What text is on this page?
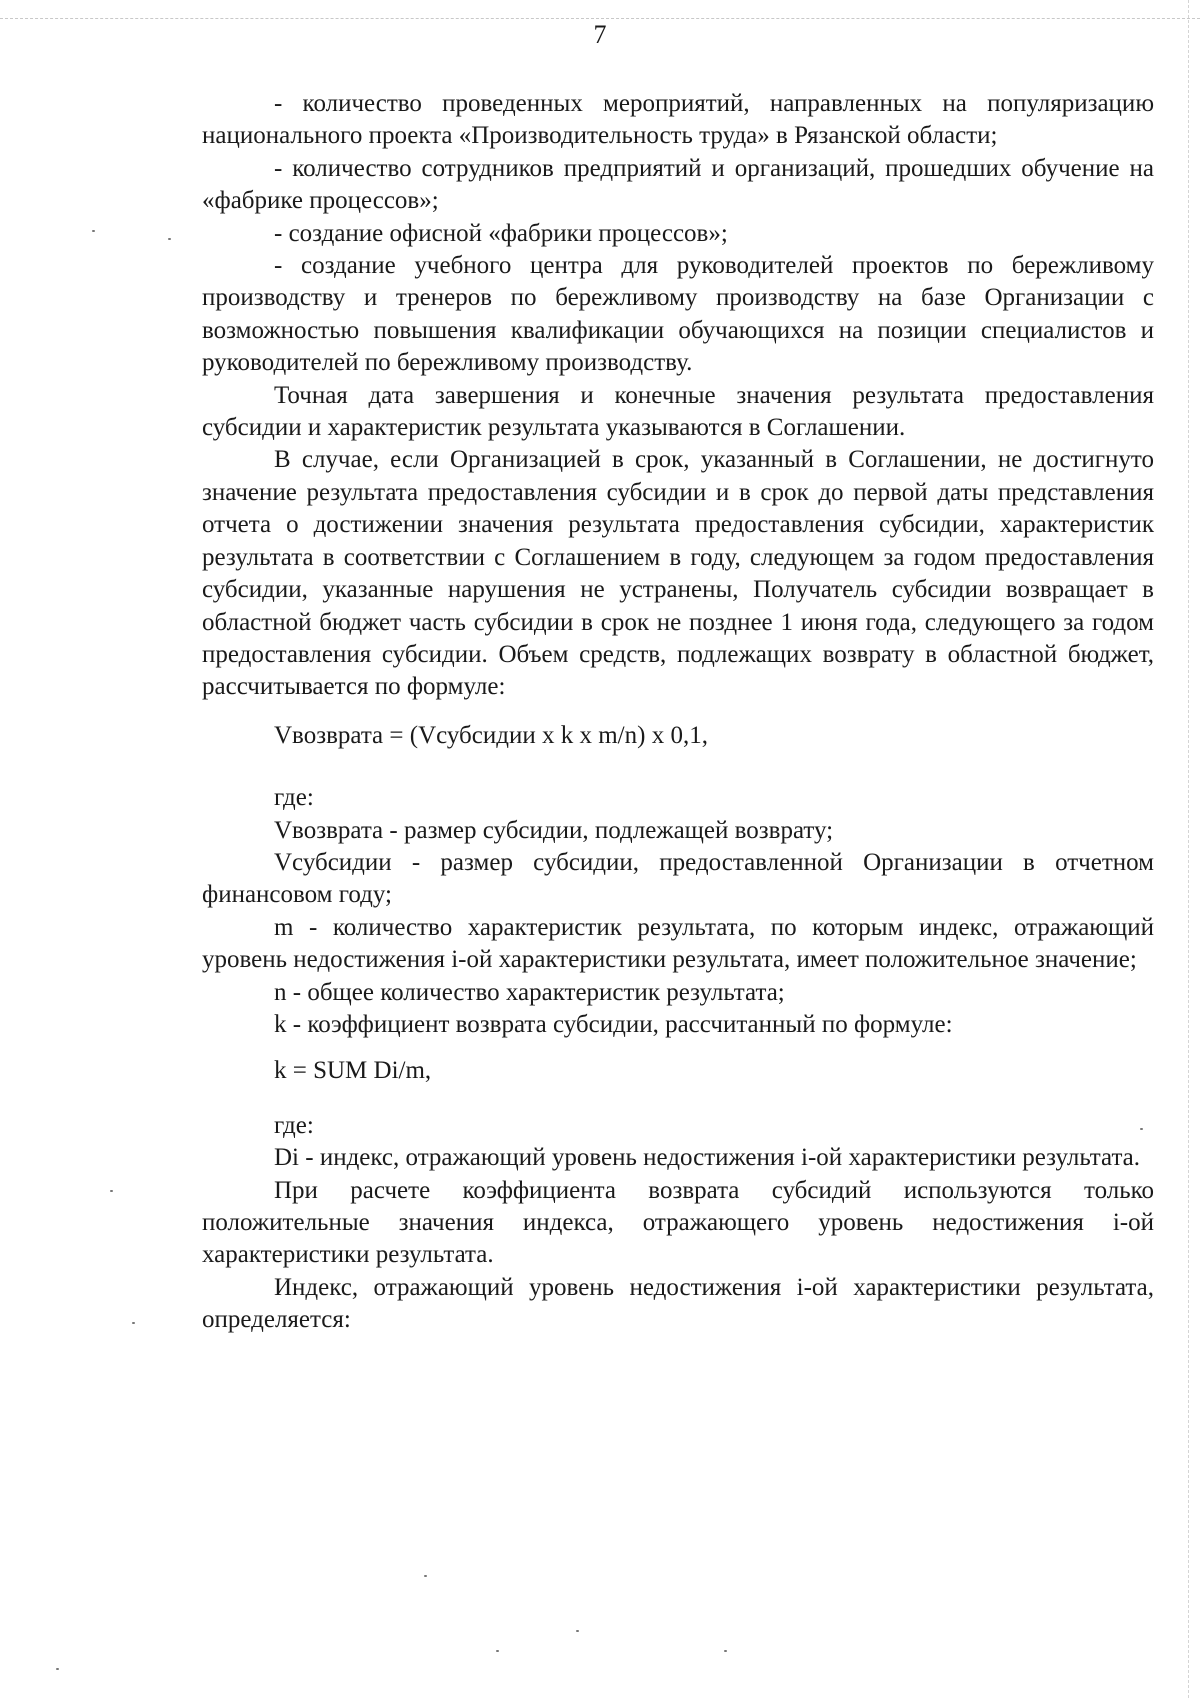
7

- количество проведенных мероприятий, направленных на популяризацию национального проекта «Производительность труда» в Рязанской области;

- количество сотрудников предприятий и организаций, прошедших обучение на «фабрике процессов»;

- создание офисной «фабрики процессов»;

- создание учебного центра для руководителей проектов по бережливому производству и тренеров по бережливому производству на базе Организации с возможностью повышения квалификации обучающихся на позиции специалистов и руководителей по бережливому производству.

Точная дата завершения и конечные значения результата предоставления субсидии и характеристик результата указываются в Соглашении.

В случае, если Организацией в срок, указанный в Соглашении, не достигнуто значение результата предоставления субсидии и в срок до первой даты представления отчета о достижении значения результата предоставления субсидии, характеристик результата в соответствии с Соглашением в году, следующем за годом предоставления субсидии, указанные нарушения не устранены, Получатель субсидии возвращает в областной бюджет часть субсидии в срок не позднее 1 июня года, следующего за годом предоставления субсидии. Объем средств, подлежащих возврату в областной бюджет, рассчитывается по формуле:

Vвозврата = (Vсубсидии x k x m/n) x 0,1,

где:

Vвозврата - размер субсидии, подлежащей возврату;

Vсубсидии - размер субсидии, предоставленной Организации в отчетном финансовом году;

m - количество характеристик результата, по которым индекс, отражающий уровень недостижения i-ой характеристики результата, имеет положительное значение;

n - общее количество характеристик результата;

k - коэффициент возврата субсидии, рассчитанный по формуле:

k = SUM Di/m,

где:

Di - индекс, отражающий уровень недостижения i-ой характеристики результата.

При расчете коэффициента возврата субсидий используются только положительные значения индекса, отражающего уровень недостижения i-ой характеристики результата.

Индекс, отражающий уровень недостижения i-ой характеристики результата, определяется:
